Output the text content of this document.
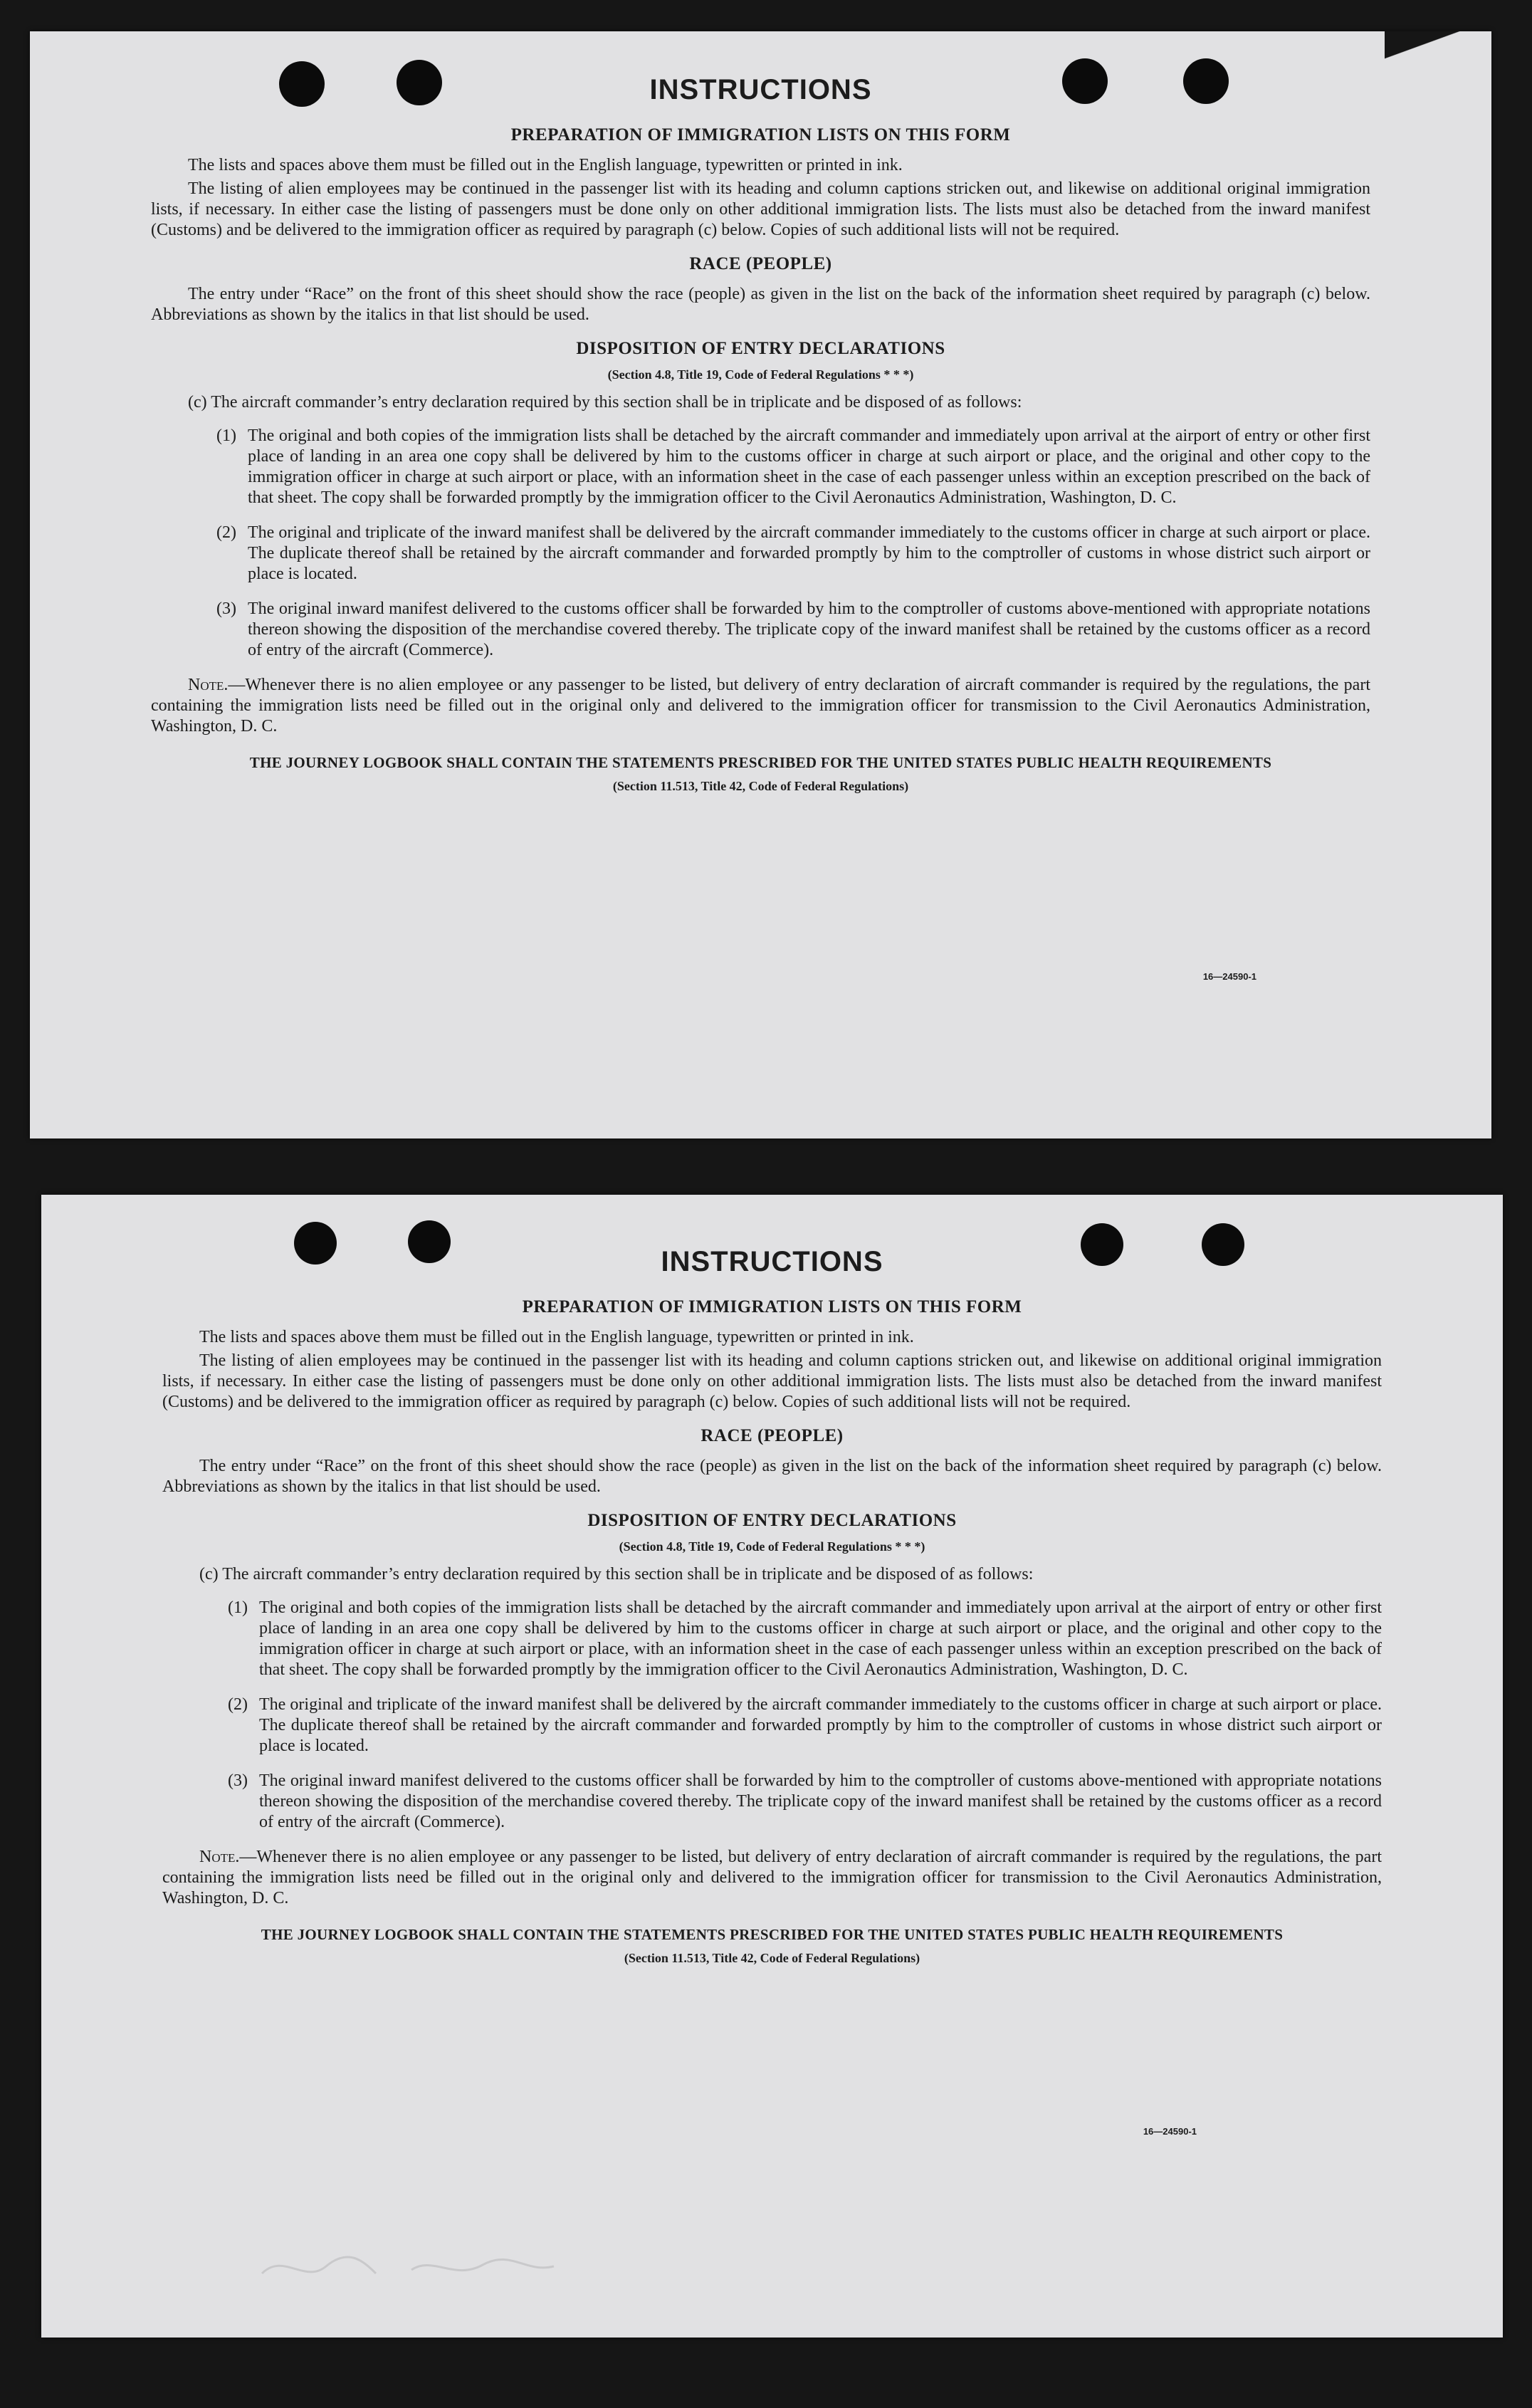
INSTRUCTIONS
PREPARATION OF IMMIGRATION LISTS ON THIS FORM

The lists and spaces above them must be filled out in the English language, typewritten or printed in ink.

The listing of alien employees may be continued in the passenger list with its heading and column captions stricken out, and likewise on additional original immigration lists, if necessary. In either case the listing of passengers must be done only on other additional immigration lists. The lists must also be detached from the inward manifest (Customs) and be delivered to the immigration officer as required by paragraph (c) below. Copies of such additional lists will not be required.

RACE (PEOPLE)

The entry under “Race” on the front of this sheet should show the race (people) as given in the list on the back of the information sheet required by paragraph (c) below. Abbreviations as shown by the italics in that list should be used.

DISPOSITION OF ENTRY DECLARATIONS
(Section 4.8, Title 19, Code of Federal Regulations * * *)

(c) The aircraft commander’s entry declaration required by this section shall be in triplicate and be disposed of as follows:

(1) The original and both copies of the immigration lists shall be detached by the aircraft commander and immediately upon arrival at the airport of entry or other first place of landing in an area one copy shall be delivered by him to the customs officer in charge at such airport or place, and the original and other copy to the immigration officer in charge at such airport or place, with an information sheet in the case of each passenger unless within an exception prescribed on the back of that sheet. The copy shall be forwarded promptly by the immigration officer to the Civil Aeronautics Administration, Washington, D. C.
(2) The original and triplicate of the inward manifest shall be delivered by the aircraft commander immediately to the customs officer in charge at such airport or place. The duplicate thereof shall be retained by the aircraft commander and forwarded promptly by him to the comptroller of customs in whose district such airport or place is located.
(3) The original inward manifest delivered to the customs officer shall be forwarded by him to the comptroller of customs above-mentioned with appropriate notations thereon showing the disposition of the merchandise covered thereby. The triplicate copy of the inward manifest shall be retained by the customs officer as a record of entry of the aircraft (Commerce).

Note.—Whenever there is no alien employee or any passenger to be listed, but delivery of entry declaration of aircraft commander is required by the regulations, the part containing the immigration lists need be filled out in the original only and delivered to the immigration officer for transmission to the Civil Aeronautics Administration, Washington, D. C.

THE JOURNEY LOGBOOK SHALL CONTAIN THE STATEMENTS PRESCRIBED FOR THE UNITED STATES PUBLIC HEALTH REQUIREMENTS
(Section 11.513, Title 42, Code of Federal Regulations)
16—24590-1
INSTRUCTIONS
PREPARATION OF IMMIGRATION LISTS ON THIS FORM

The lists and spaces above them must be filled out in the English language, typewritten or printed in ink.

The listing of alien employees may be continued in the passenger list with its heading and column captions stricken out, and likewise on additional original immigration lists, if necessary. In either case the listing of passengers must be done only on other additional immigration lists. The lists must also be detached from the inward manifest (Customs) and be delivered to the immigration officer as required by paragraph (c) below. Copies of such additional lists will not be required.

RACE (PEOPLE)

The entry under “Race” on the front of this sheet should show the race (people) as given in the list on the back of the information sheet required by paragraph (c) below. Abbreviations as shown by the italics in that list should be used.

DISPOSITION OF ENTRY DECLARATIONS
(Section 4.8, Title 19, Code of Federal Regulations * * *)

(c) The aircraft commander’s entry declaration required by this section shall be in triplicate and be disposed of as follows:

(1) The original and both copies of the immigration lists shall be detached by the aircraft commander and immediately upon arrival at the airport of entry or other first place of landing in an area one copy shall be delivered by him to the customs officer in charge at such airport or place, and the original and other copy to the immigration officer in charge at such airport or place, with an information sheet in the case of each passenger unless within an exception prescribed on the back of that sheet. The copy shall be forwarded promptly by the immigration officer to the Civil Aeronautics Administration, Washington, D. C.
(2) The original and triplicate of the inward manifest shall be delivered by the aircraft commander immediately to the customs officer in charge at such airport or place. The duplicate thereof shall be retained by the aircraft commander and forwarded promptly by him to the comptroller of customs in whose district such airport or place is located.
(3) The original inward manifest delivered to the customs officer shall be forwarded by him to the comptroller of customs above-mentioned with appropriate notations thereon showing the disposition of the merchandise covered thereby. The triplicate copy of the inward manifest shall be retained by the customs officer as a record of entry of the aircraft (Commerce).

Note.—Whenever there is no alien employee or any passenger to be listed, but delivery of entry declaration of aircraft commander is required by the regulations, the part containing the immigration lists need be filled out in the original only and delivered to the immigration officer for transmission to the Civil Aeronautics Administration, Washington, D. C.

THE JOURNEY LOGBOOK SHALL CONTAIN THE STATEMENTS PRESCRIBED FOR THE UNITED STATES PUBLIC HEALTH REQUIREMENTS
(Section 11.513, Title 42, Code of Federal Regulations)
16—24590-1
